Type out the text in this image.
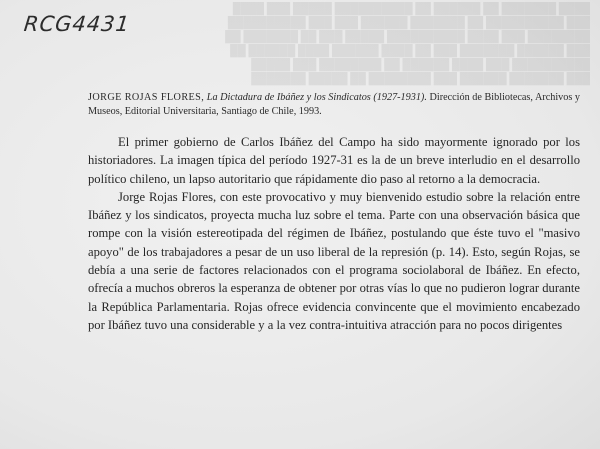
████ ███████ ██ ██████ ██ ██████████ █████ ███ ████
███ ██████████ ██ ███████ ██████ ███ ███ ██████████
████████ ███ ████ ██████████ █████ ███ ██ ███████ ██
███ ██████ ███████ ███ ██ ████ ██████ ████ ██████ ██
██████████ ███ ████ ██████ ██ ████████ ███ █████
███ ███████ ██████ ███ ████████ ██ █████ ███████
RCG4431
JORGE ROJAS FLORES, La Dictadura de Ibáñez y los Sindicatos (1927-1931). Dirección de Bibliotecas, Archivos y Museos, Editorial Universitaria, Santiago de Chile, 1993.

El primer gobierno de Carlos Ibáñez del Campo ha sido mayormente ignorado por los historiadores. La imagen típica del período 1927-31 es la de un breve interludio en el desarrollo político chileno, un lapso autoritario que rápidamente dio paso al retorno a la democracia.

Jorge Rojas Flores, con este provocativo y muy bienvenido estudio sobre la relación entre Ibáñez y los sindicatos, proyecta mucha luz sobre el tema. Parte con una observación básica que rompe con la visión estereotipada del régimen de Ibáñez, postulando que éste tuvo el "masivo apoyo" de los trabajadores a pesar de un uso liberal de la represión (p. 14). Esto, según Rojas, se debía a una serie de factores relacionados con el programa sociolaboral de Ibáñez. En efecto, ofrecía a muchos obreros la esperanza de obtener por otras vías lo que no pudieron lograr durante la República Parlamentaria. Rojas ofrece evidencia convincente que el movimiento encabezado por Ibáñez tuvo una considerable y a la vez contra-intuitiva atracción para no pocos dirigentes
